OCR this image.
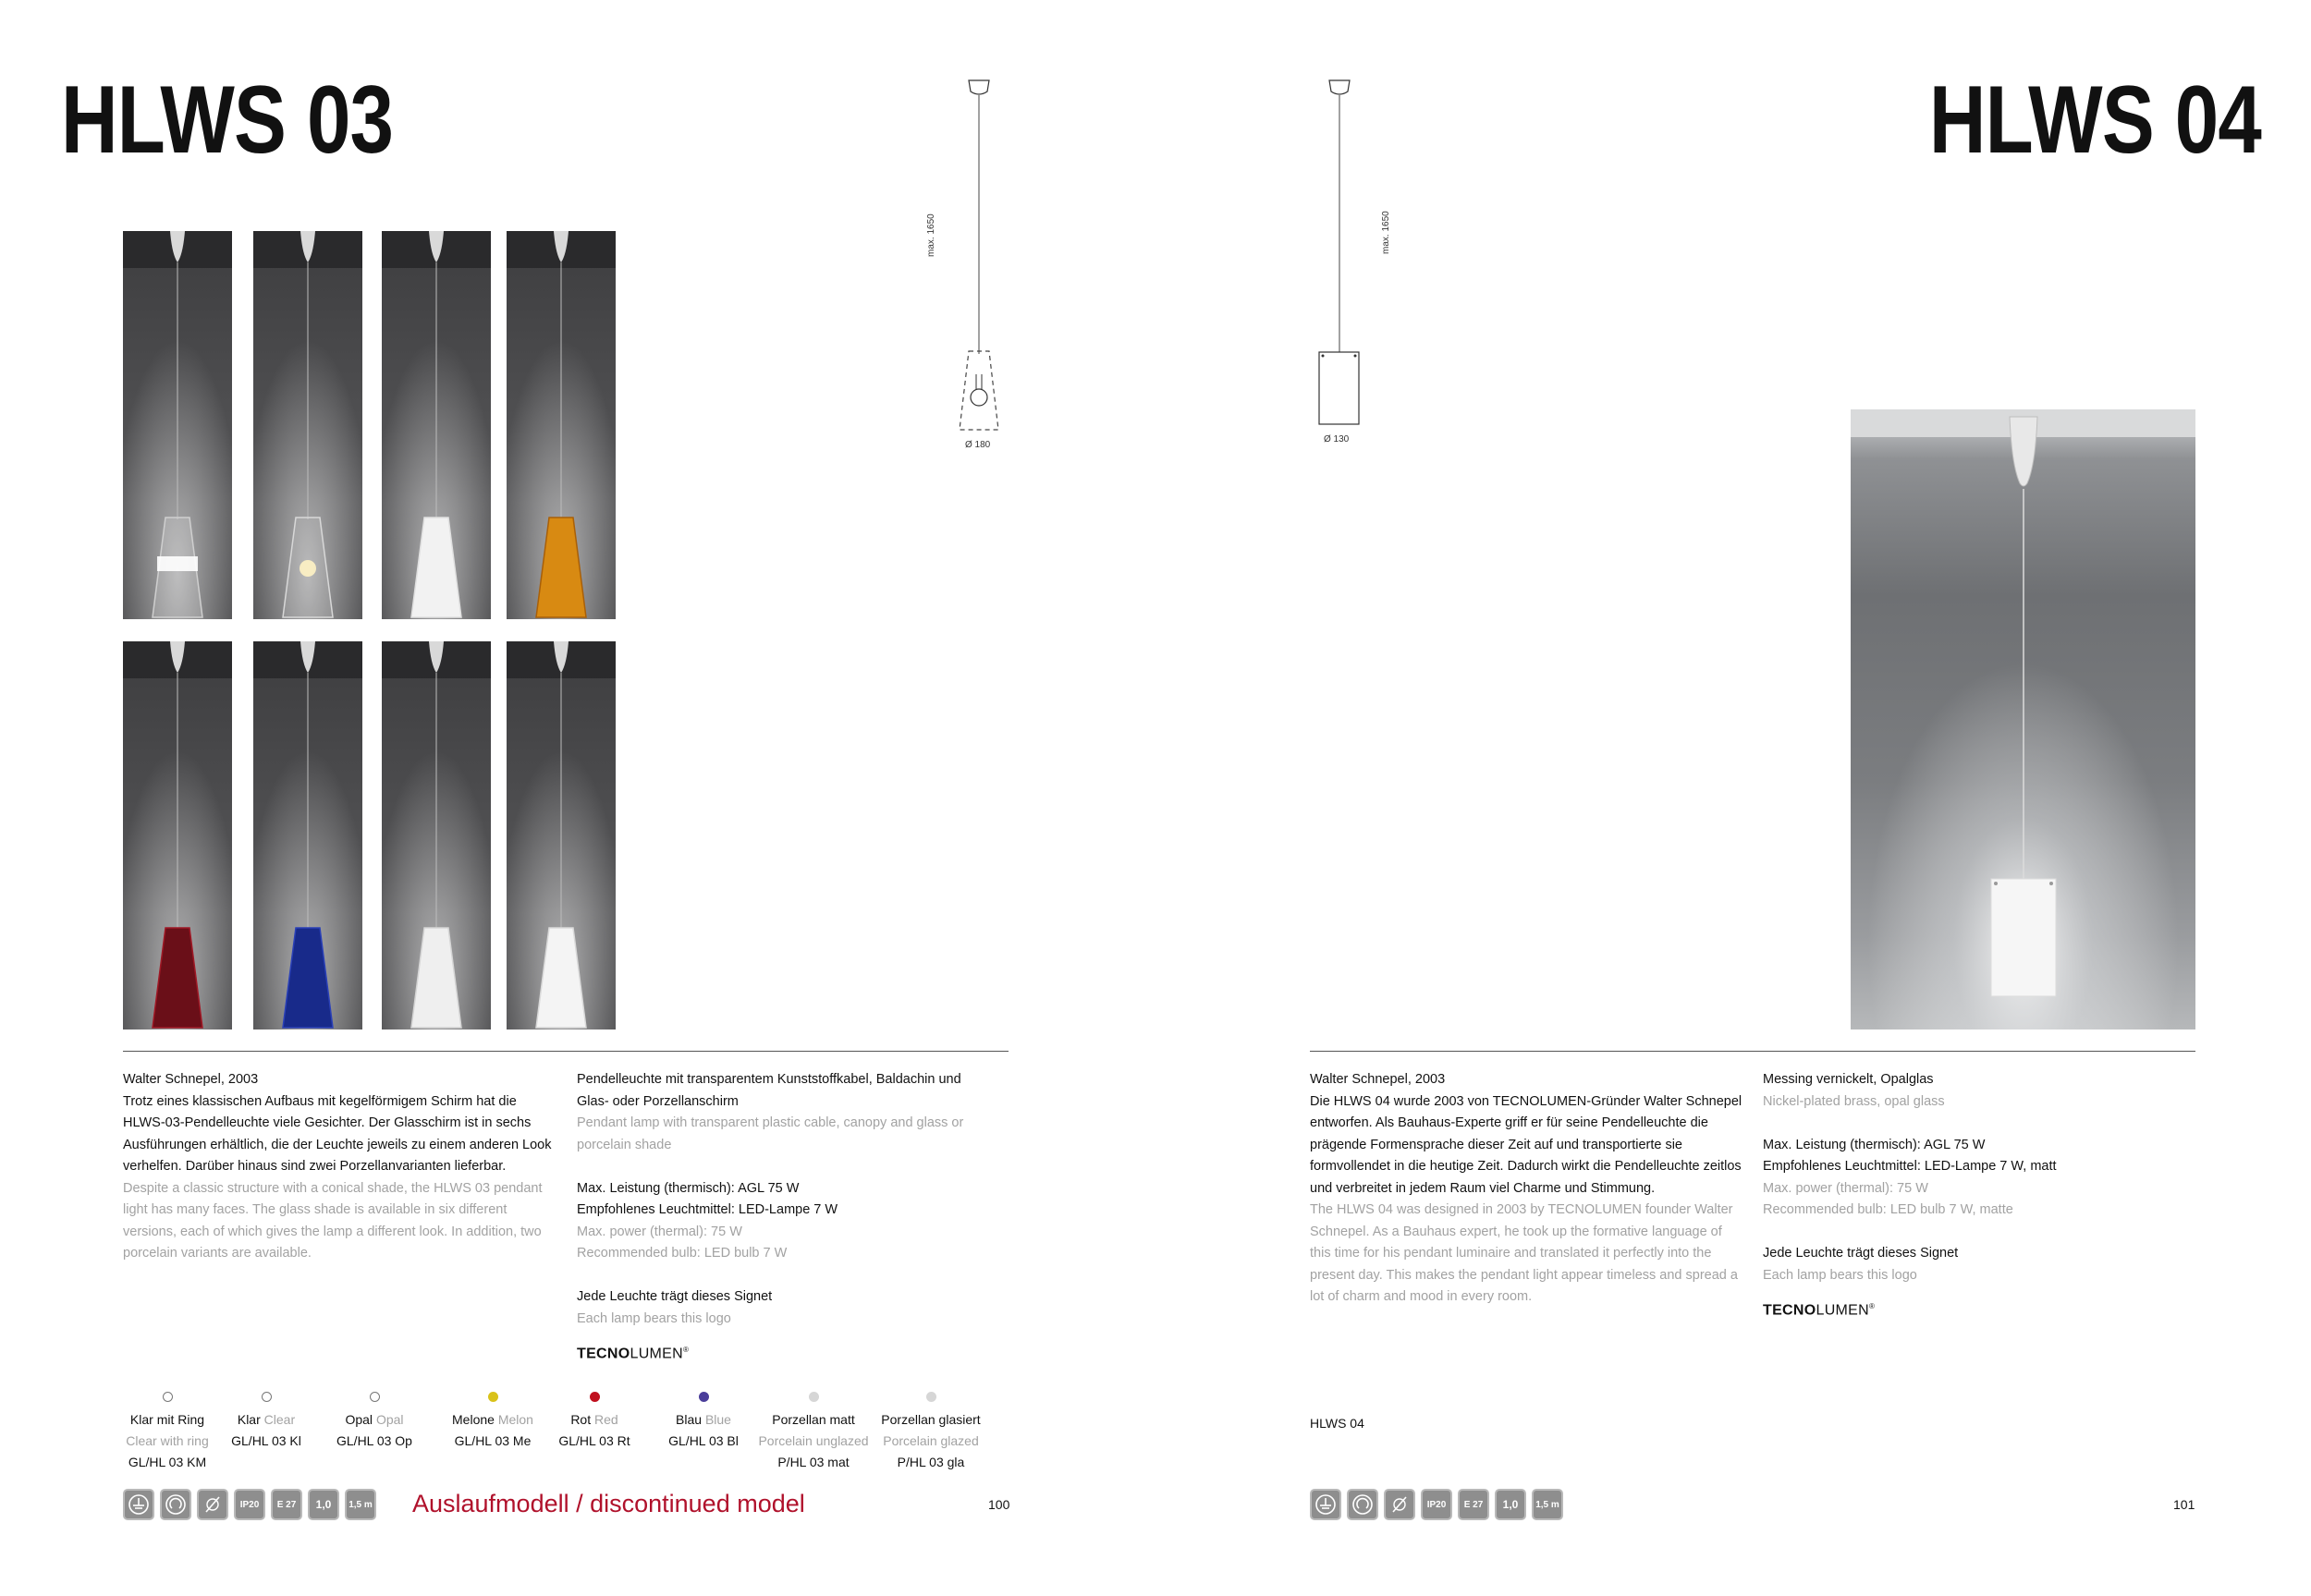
HLWS 03	HLWS 04
max. 1650
Ø 180
max. 1650
Ø 130

Walter Schnepel, 2003

Trotz eines klassischen Aufbaus mit kegelförmigem Schirm hat die HLWS-03-Pendelleuchte viele Gesichter. Der Glasschirm ist in sechs Ausführungen erhältlich, die der Leuchte jeweils zu einem anderen Look verhelfen. Darüber hinaus sind zwei Porzellanvarianten lieferbar.

Despite a classic structure with a conical shade, the HLWS 03 pendant light has many faces. The glass shade is available in six different versions, each of which gives the lamp a different look. In addition, two porcelain variants are available.

Pendelleuchte mit transparentem Kunststoffkabel, Baldachin und Glas- oder Porzellanschirm

Pendant lamp with transparent plastic cable, canopy and glass or porcelain shade

Max. Leistung (thermisch): AGL 75 W

Empfohlenes Leuchtmittel: LED-Lampe 7 W

Max. power (thermal): 75 W

Recommended bulb: LED bulb 7 W

Jede Leuchte trägt dieses Signet

Each lamp bears this logo

TECNOLUMEN®

Walter Schnepel, 2003

Die HLWS 04 wurde 2003 von TECNOLUMEN-Gründer Walter Schnepel entworfen. Als Bauhaus-Experte griff er für seine Pendelleuchte die prägende Formensprache dieser Zeit auf und transportierte sie formvollendet in die heutige Zeit. Dadurch wirkt die Pendelleuchte zeitlos und verbreitet in jedem Raum viel Charme und Stimmung.

The HLWS 04 was designed in 2003 by TECNOLUMEN founder Walter Schnepel. As a Bauhaus expert, he took up the formative language of this time for his pendant luminaire and translated it perfectly into the present day. This makes the pendant light appear timeless and spread a lot of charm and mood in every room.

Messing vernickelt, Opalglas

Nickel-plated brass, opal glass

Max. Leistung (thermisch): AGL 75 W

Empfohlenes Leuchtmittel: LED-Lampe 7 W, matt

Max. power (thermal): 75 W

Recommended bulb: LED bulb 7 W, matte

Jede Leuchte trägt dieses Signet

Each lamp bears this logo

TECNOLUMEN®
Klar mit Ring
Clear with ring
GL/HL 03 KM
Klar Clear
GL/HL 03 Kl
Opal Opal
GL/HL 03 Op
Melone Melon
GL/HL 03 Me
Rot Red
GL/HL 03 Rt
Blau Blue
GL/HL 03 Bl
Porzellan matt
Porcelain unglazed
P/HL 03 mat
Porzellan glasiert
Porcelain glazed
P/HL 03 gla
HLWS 04
IP20	E 27	1,0	1,5 m	IP20	E 27	1,0	1,5 m
Auslaufmodell / discontinued model	100	101
